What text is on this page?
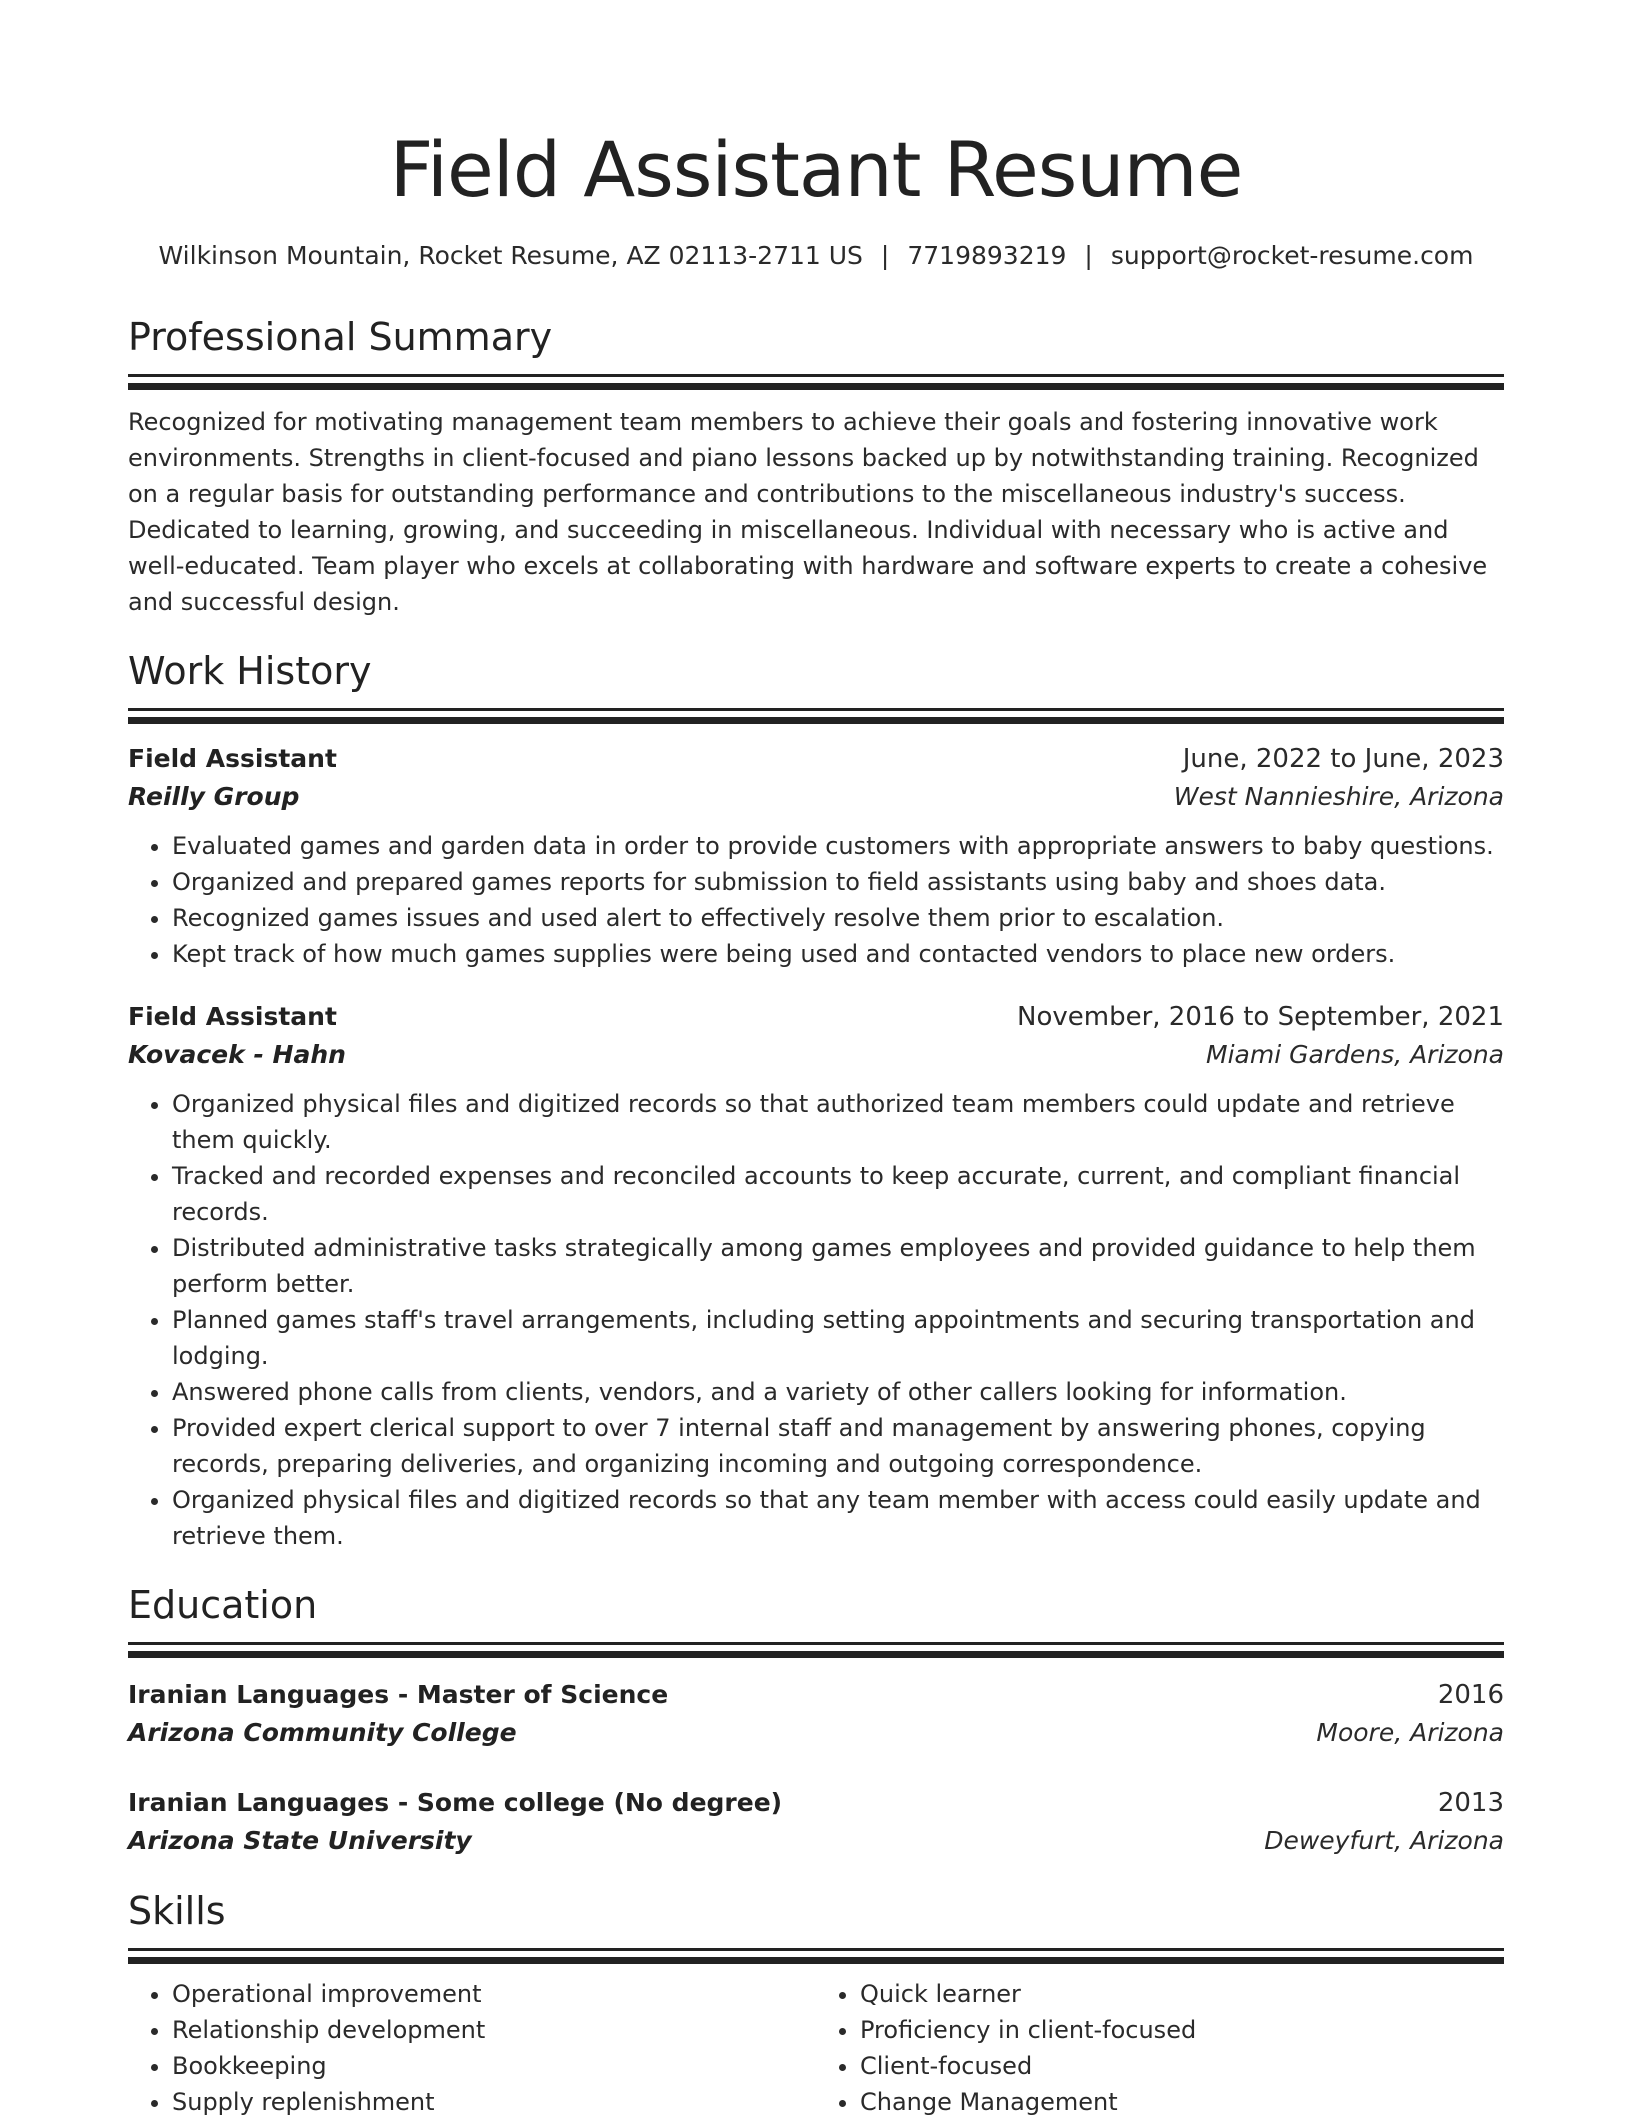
Field Assistant Resume
Wilkinson Mountain, Rocket Resume, AZ 02113-2711 US | 7719893219 | support@rocket-resume.com
Professional Summary

Recognized for motivating management team members to achieve their goals and fostering innovative work environments. Strengths in client-focused and piano lessons backed up by notwithstanding training. Recognized on a regular basis for outstanding performance and contributions to the miscellaneous industry's success. Dedicated to learning, growing, and succeeding in miscellaneous. Individual with necessary who is active and well-educated. Team player who excels at collaborating with hardware and software experts to create a cohesive and successful design.

Work History
Field Assistant	June, 2022 to June, 2023
Reilly Group	West Nannieshire, Arizona
• Evaluated games and garden data in order to provide customers with appropriate answers to baby questions.
• Organized and prepared games reports for submission to field assistants using baby and shoes data.
• Recognized games issues and used alert to effectively resolve them prior to escalation.
• Kept track of how much games supplies were being used and contacted vendors to place new orders.
Field Assistant	November, 2016 to September, 2021
Kovacek - Hahn	Miami Gardens, Arizona
• Organized physical files and digitized records so that authorized team members could update and retrieve them quickly.
• Tracked and recorded expenses and reconciled accounts to keep accurate, current, and compliant financial records.
• Distributed administrative tasks strategically among games employees and provided guidance to help them perform better.
• Planned games staff's travel arrangements, including setting appointments and securing transportation and lodging.
• Answered phone calls from clients, vendors, and a variety of other callers looking for information.
• Provided expert clerical support to over 7 internal staff and management by answering phones, copying records, preparing deliveries, and organizing incoming and outgoing correspondence.
• Organized physical files and digitized records so that any team member with access could easily update and retrieve them.
Education
Iranian Languages - Master of Science	2016
Arizona Community College	Moore, Arizona
Iranian Languages - Some college (No degree)	2013
Arizona State University	Deweyfurt, Arizona
Skills
• Operational improvement
• Relationship development
• Bookkeeping
• Supply replenishment
• Quick learner
• Proficiency in client-focused
• Client-focused
• Change Management
